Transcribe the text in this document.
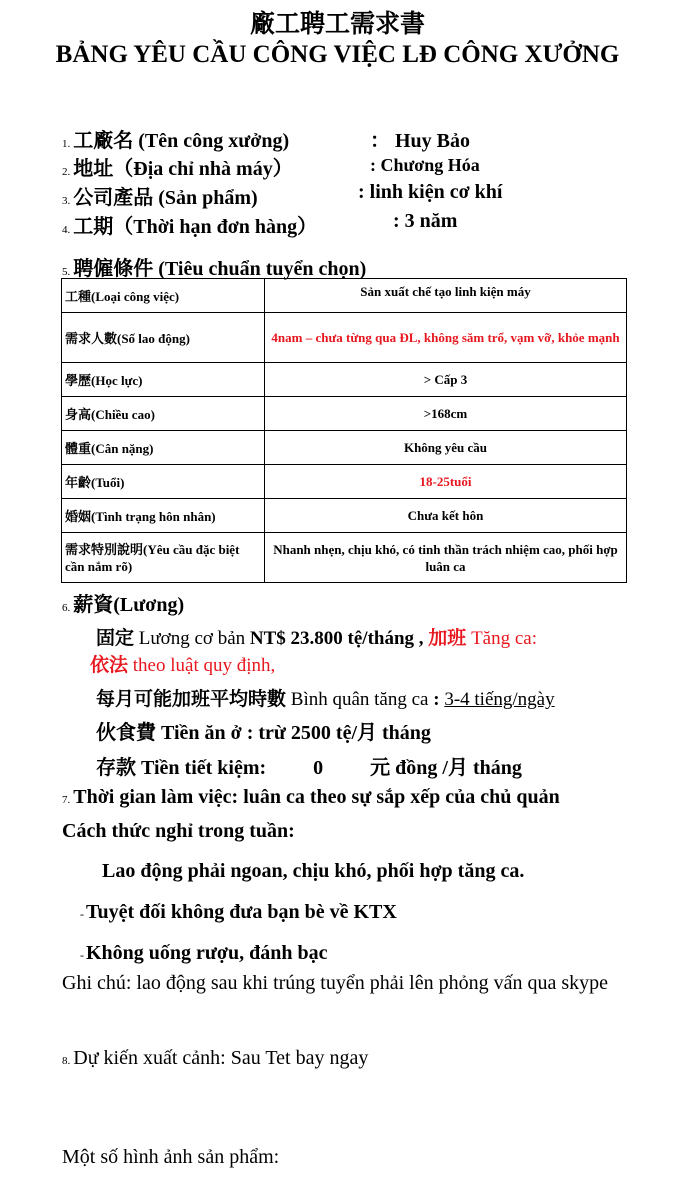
廠工聘工需求書
BẢNG YÊU CẦU CÔNG VIỆC LĐ CÔNG XƯỞNG
1. 工廠名 (Tên công xưởng)	： Huy Bảo
2. 地址（Địa chỉ nhà máy）	: Chương Hóa
3. 公司產品 (Sản phẩm)	: linh kiện cơ khí
4. 工期（Thời hạn đơn hàng）	: 3 năm
5. 聘僱條件 (Tiêu chuẩn tuyển chọn)
工種(Loại công việc)	Sản xuất chế tạo linh kiện máy
需求人數(Số lao động)	4nam – chưa từng qua ĐL, không săm trổ, vạm vỡ, khỏe mạnh
學歷(Học lực)	> Cấp 3
身高(Chiều cao)	>168cm
體重(Cân nặng)	Không yêu cầu
年齡(Tuổi)	18-25tuổi
婚姻(Tình trạng hôn nhân)	Chưa kết hôn
需求特別說明(Yêu cầu đặc biệt cần nắm rõ)	Nhanh nhẹn, chịu khó, có tinh thần trách nhiệm cao, phối hợp luân ca
6. 薪資(Lương)
固定 Lương cơ bản NT$ 23.800 tệ/tháng , 加班 Tăng ca:
依法 theo luật quy định,
每月可能加班平均時數 Bình quân tăng ca : 3-4 tiếng/ngày
伙食費 Tiền ăn ở : trừ 2500 tệ/月 tháng
存款 Tiền tiết kiệm: 0 元 đồng /月 tháng
7. Thời gian làm việc: luân ca theo sự sắp xếp của chủ quản
Cách thức nghỉ trong tuần:
Lao động phải ngoan, chịu khó, phối hợp tăng ca.
- Tuyệt đối không đưa bạn bè về KTX
- Không uống rượu, đánh bạc
Ghi chú: lao động sau khi trúng tuyển phải lên phỏng vấn qua skype
8. Dự kiến xuất cảnh: Sau Tet bay ngay
Một số hình ảnh sản phẩm:
